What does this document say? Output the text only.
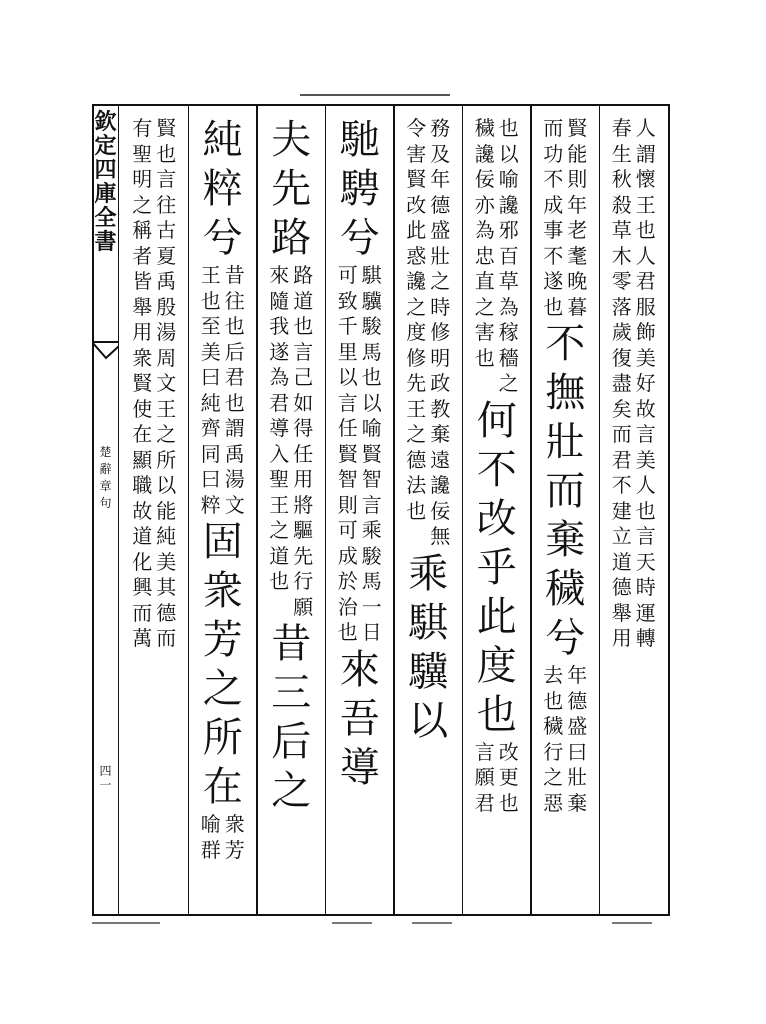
欽
定
四
庫
全
書
楚
辭
章
句
四
一
人
謂
懷
王
也
人
君
服
飾
美
好
故
言
美
人
也
言
天
時
運
轉
春
生
秋
殺
草
木
零
落
歲
復
盡
矣
而
君
不
建
立
道
德
舉
用
賢
能
則
年
老
耄
晚
暮
而
功
不
成
事
不
遂
也
不
撫
壯
而
棄
穢
兮
年
德
盛
曰
壯
棄
去
也
穢
行
之
惡
也
以
喻
讒
邪
百
草
為
稼
穡
之
穢
讒
佞
亦
為
忠
直
之
害
也
何
不
改
乎
此
度
也
改
更
也
言
願
君
務
及
年
德
盛
壯
之
時
修
明
政
教
棄
遠
讒
佞
無
令
害
賢
改
此
惑
讒
之
度
修
先
王
之
德
法
也
乘
騏
驥
以
馳
騁
兮
騏
驥
駿
馬
也
以
喻
賢
智
言
乘
駿
馬
一
日
可
致
千
里
以
言
任
賢
智
則
可
成
於
治
也
來
吾
導
夫
先
路
路
道
也
言
己
如
得
任
用
將
驅
先
行
願
來
隨
我
遂
為
君
導
入
聖
王
之
道
也
昔
三
后
之
純
粹
兮
昔
往
也
后
君
也
謂
禹
湯
文
王
也
至
美
曰
純
齊
同
曰
粹
固
衆
芳
之
所
在
衆
芳
喻
群
賢
也
言
往
古
夏
禹
殷
湯
周
文
王
之
所
以
能
純
美
其
德
而
有
聖
明
之
稱
者
皆
舉
用
衆
賢
使
在
顯
職
故
道
化
興
而
萬
